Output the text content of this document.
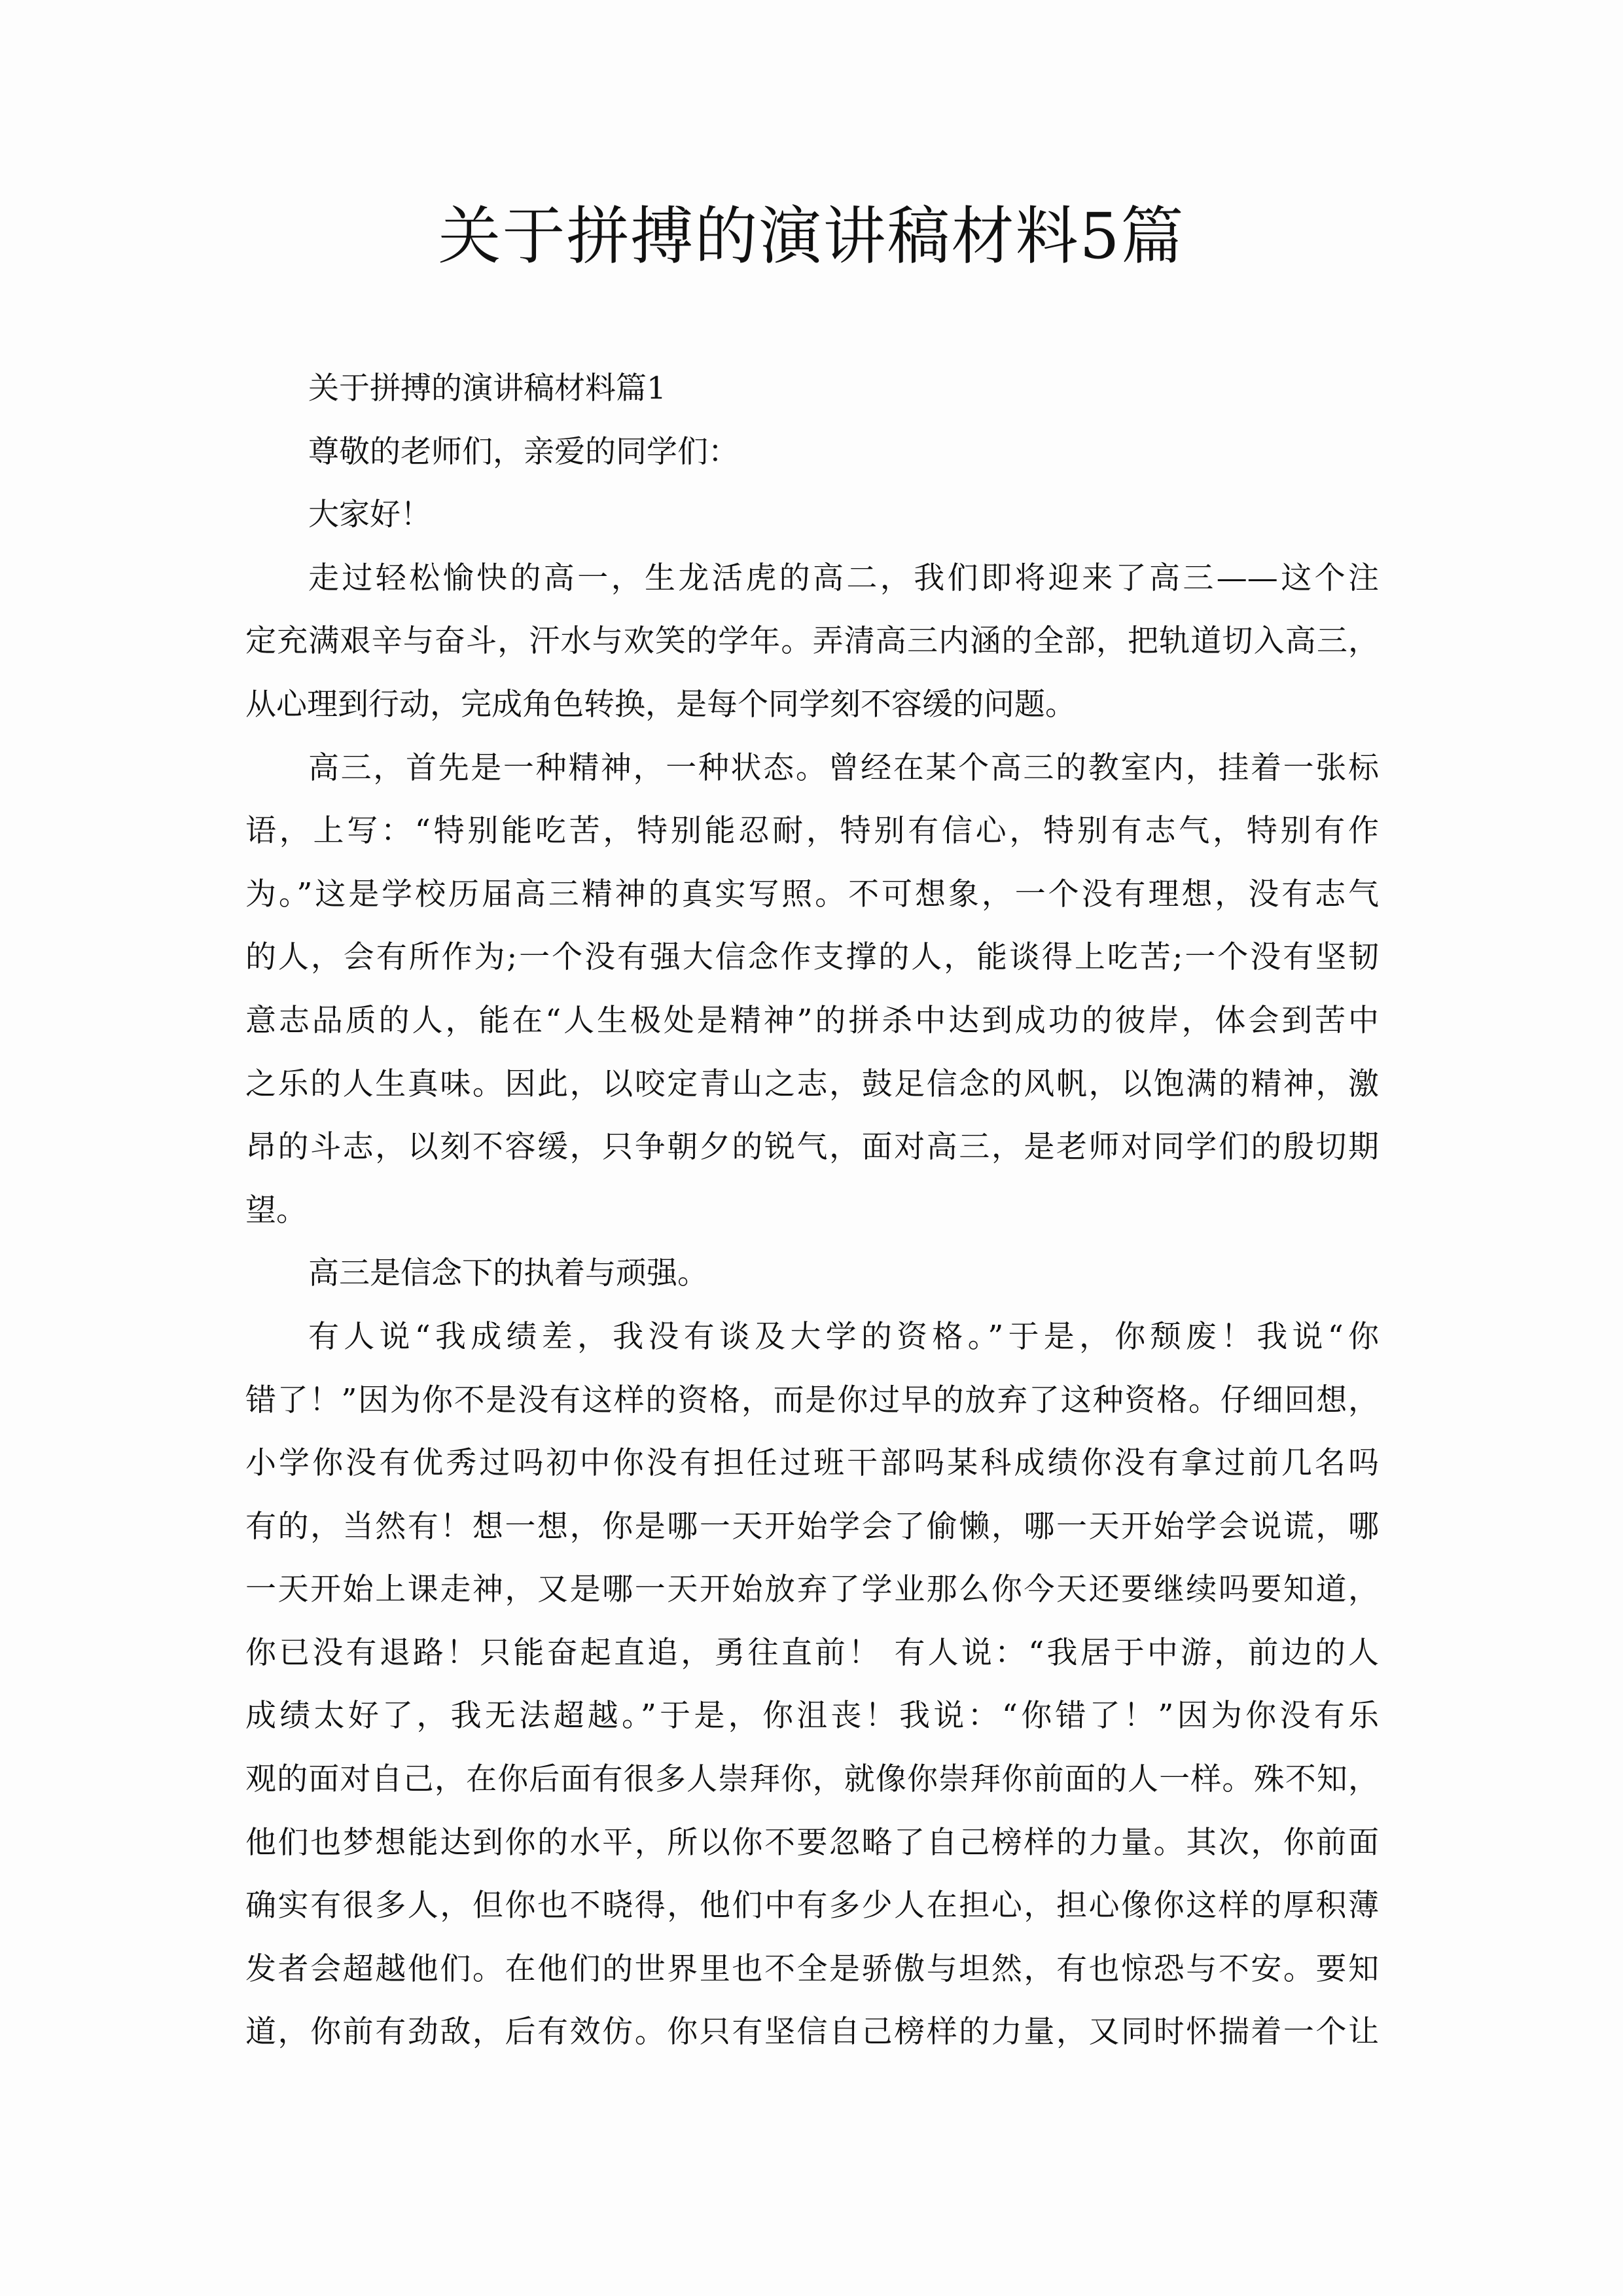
关于拼搏的演讲稿材料5篇
关于拼搏的演讲稿材料篇1
尊敬的老师们，亲爱的同学们：
大家好！
走过轻松愉快的高一，生龙活虎的高二，我们即将迎来了高三——这个注
定充满艰辛与奋斗，汗水与欢笑的学年。弄清高三内涵的全部，把轨道切入高三，
从心理到行动，完成角色转换，是每个同学刻不容缓的问题。
高三，首先是一种精神，一种状态。曾经在某个高三的教室内，挂着一张标
语，上写：“特别能吃苦，特别能忍耐，特别有信心，特别有志气，特别有作
为。”这是学校历届高三精神的真实写照。不可想象，一个没有理想，没有志气
的人，会有所作为;一个没有强大信念作支撑的人，能谈得上吃苦;一个没有坚韧
意志品质的人，能在“人生极处是精神”的拼杀中达到成功的彼岸，体会到苦中
之乐的人生真味。因此，以咬定青山之志，鼓足信念的风帆，以饱满的精神，激
昂的斗志，以刻不容缓，只争朝夕的锐气，面对高三，是老师对同学们的殷切期
望。
高三是信念下的执着与顽强。
有人说“我成绩差，我没有谈及大学的资格。”于是，你颓废！我说“你
错了！”因为你不是没有这样的资格，而是你过早的放弃了这种资格。仔细回想，
小学你没有优秀过吗初中你没有担任过班干部吗某科成绩你没有拿过前几名吗
有的，当然有！想一想，你是哪一天开始学会了偷懒，哪一天开始学会说谎，哪
一天开始上课走神，又是哪一天开始放弃了学业那么你今天还要继续吗要知道，
你已没有退路！只能奋起直追，勇往直前！ 有人说：“我居于中游，前边的人
成绩太好了，我无法超越。”于是，你沮丧！我说：“你错了！”因为你没有乐
观的面对自己，在你后面有很多人崇拜你，就像你崇拜你前面的人一样。殊不知，
他们也梦想能达到你的水平，所以你不要忽略了自己榜样的力量。其次，你前面
确实有很多人，但你也不晓得，他们中有多少人在担心，担心像你这样的厚积薄
发者会超越他们。在他们的世界里也不全是骄傲与坦然，有也惊恐与不安。要知
道，你前有劲敌，后有效仿。你只有坚信自己榜样的力量，又同时怀揣着一个让
